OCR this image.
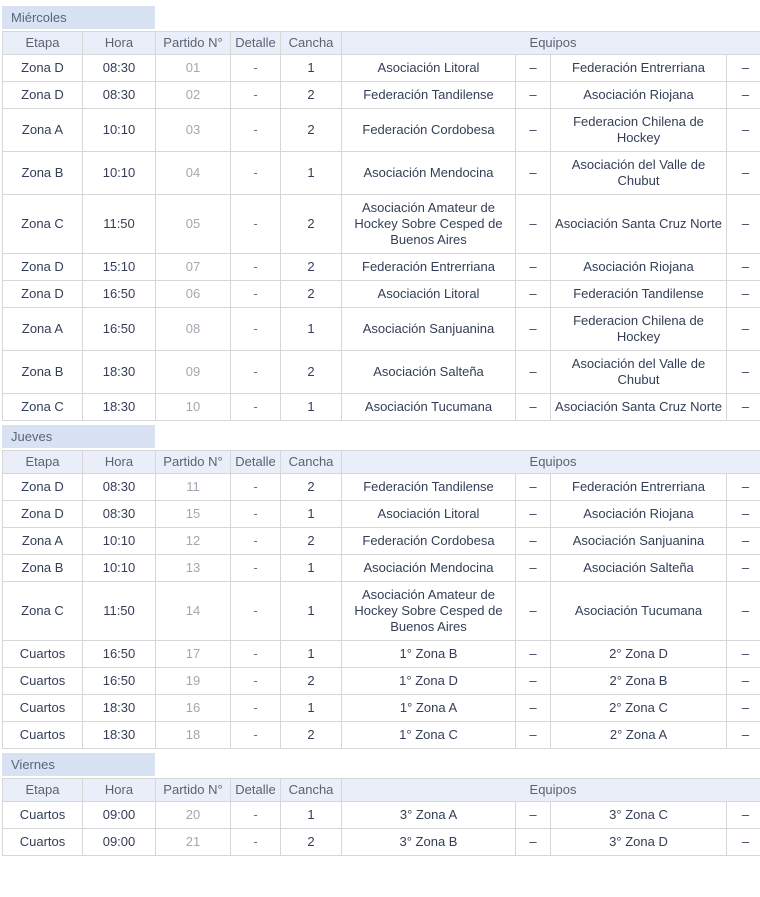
Miércoles
Etapa	Hora	Partido N°	Detalle	Cancha	Equipos			
Zona D	08:30	01	-	1	Asociación Litoral	–	Federación Entrerriana	–
Zona D	08:30	02	-	2	Federación Tandilense	–	Asociación Riojana	–
Zona A	10:10	03	-	2	Federación Cordobesa	–	Federacion Chilena de Hockey	–
Zona B	10:10	04	-	1	Asociación Mendocina	–	Asociación del Valle de Chubut	–
Zona C	11:50	05	-	2	Asociación Amateur de Hockey Sobre Cesped de Buenos Aires	–	Asociación Santa Cruz Norte	–
Zona D	15:10	07	-	2	Federación Entrerriana	–	Asociación Riojana	–
Zona D	16:50	06	-	2	Asociación Litoral	–	Federación Tandilense	–
Zona A	16:50	08	-	1	Asociación Sanjuanina	–	Federacion Chilena de Hockey	–
Zona B	18:30	09	-	2	Asociación Salteña	–	Asociación del Valle de Chubut	–
Zona C	18:30	10	-	1	Asociación Tucumana	–	Asociación Santa Cruz Norte	–
Jueves
Etapa	Hora	Partido N°	Detalle	Cancha	Equipos			
Zona D	08:30	11	-	2	Federación Tandilense	–	Federación Entrerriana	–
Zona D	08:30	15	-	1	Asociación Litoral	–	Asociación Riojana	–
Zona A	10:10	12	-	2	Federación Cordobesa	–	Asociación Sanjuanina	–
Zona B	10:10	13	-	1	Asociación Mendocina	–	Asociación Salteña	–
Zona C	11:50	14	-	1	Asociación Amateur de Hockey Sobre Cesped de Buenos Aires	–	Asociación Tucumana	–
Cuartos	16:50	17	-	1	1° Zona B	–	2° Zona D	–
Cuartos	16:50	19	-	2	1° Zona D	–	2° Zona B	–
Cuartos	18:30	16	-	1	1° Zona A	–	2° Zona C	–
Cuartos	18:30	18	-	2	1° Zona C	–	2° Zona A	–
Viernes
Etapa	Hora	Partido N°	Detalle	Cancha	Equipos			
Cuartos	09:00	20	-	1	3° Zona A	–	3° Zona C	–
Cuartos	09:00	21	-	2	3° Zona B	–	3° Zona D	–
